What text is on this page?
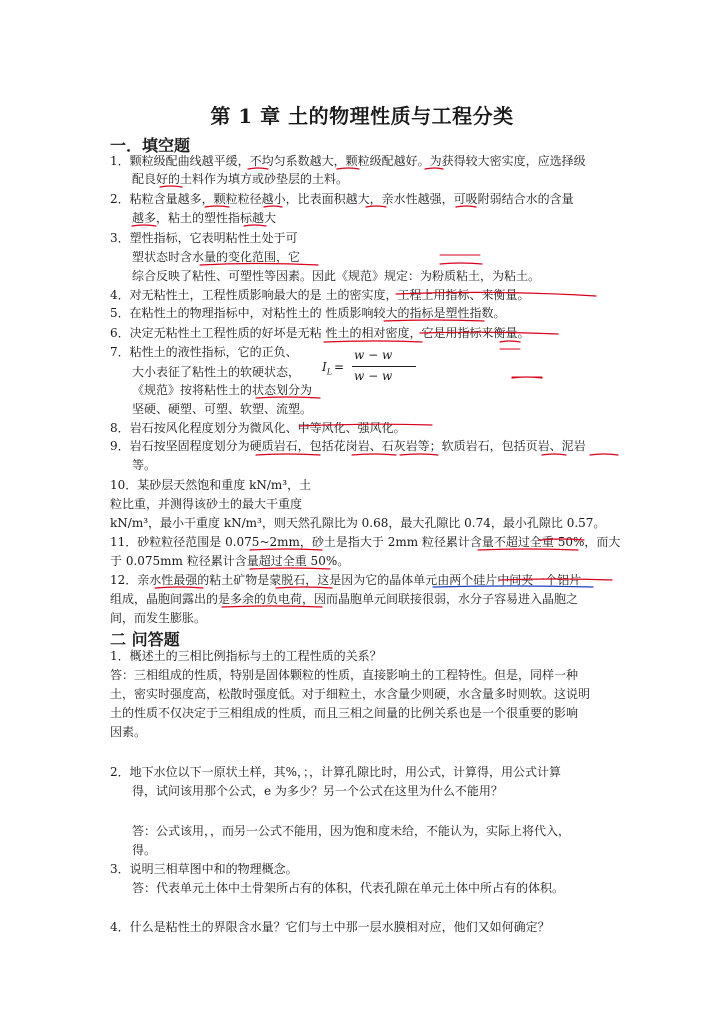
第 1 章 土的物理性质与工程分类
一．填空题
1．颗粒级配曲线越平缓，不均匀系数越大，颗粒级配越好。为获得较大密实度，应选择级
配良好的土料作为填方或砂垫层的土料。
2．粘粒含量越多，颗粒粒径越小，比表面积越大，亲水性越强，可吸附弱结合水的含量
越多，粘土的塑性指标越大
3．塑性指标，它表明粘性土处于可
塑状态时含水量的变化范围，它
综合反映了粘性、可塑性等因素。因此《规范》规定：为粉质粘土，为粘土。
4．对无粘性土，工程性质影响最大的是 土的密实度，工程上用指标、来衡量。
5．在粘性土的物理指标中，对粘性土的 性质影响较大的指标是塑性指数。
6．决定无粘性土工程性质的好坏是无粘 性土的相对密度，它是用指标来衡量。
7．粘性土的液性指标，它的正负、
大小表征了粘性土的软硬状态，
《规范》按将粘性土的状态划分为
坚硬、硬塑、可塑、软塑、流塑。
8．岩石按风化程度划分为微风化、中等风化、强风化。
9．岩石按坚固程度划分为硬质岩石，包括花岗岩、石灰岩等；软质岩石，包括页岩、泥岩
等。
10．某砂层天然饱和重度 kN/m³，土
粒比重，并测得该砂土的最大干重度
kN/m³，最小干重度 kN/m³，则天然孔隙比为 0.68，最大孔隙比 0.74，最小孔隙比 0.57。
11．砂粒粒径范围是 0.075~2mm，砂土是指大于 2mm 粒径累计含量不超过全重 50%，而大
于 0.075mm 粒径累计含量超过全重 50%。
12．亲水性最强的粘土矿物是蒙脱石，这是因为它的晶体单元由两个硅片中间夹一个铝片
组成，晶胞间露出的是多余的负电荷，因而晶胞单元间联接很弱，水分子容易进入晶胞之
间，而发生膨胀。
二 问答题
1．概述土的三相比例指标与土的工程性质的关系？
答：三相组成的性质，特别是固体颗粒的性质，直接影响土的工程特性。但是，同样一种
土，密实时强度高，松散时强度低。对于细粒土，水含量少则硬，水含量多时则软。这说明
土的性质不仅决定于三相组成的性质，而且三相之间量的比例关系也是一个很重要的影响
因素。
2．地下水位以下一原状土样，其%，；，计算孔隙比时，用公式，计算得，用公式计算
得，试问该用那个公式，e 为多少？另一个公式在这里为什么不能用？
答：公式该用，，而另一公式不能用，因为饱和度未给，不能认为，实际上将代入，
得。
3．说明三相草图中和的物理概念。
答：代表单元土体中土骨架所占有的体积，代表孔隙在单元土体中所占有的体积。
4．什么是粘性土的界限含水量？它们与土中那一层水膜相对应，他们又如何确定？
$I_L$ =
w − w
w − w
